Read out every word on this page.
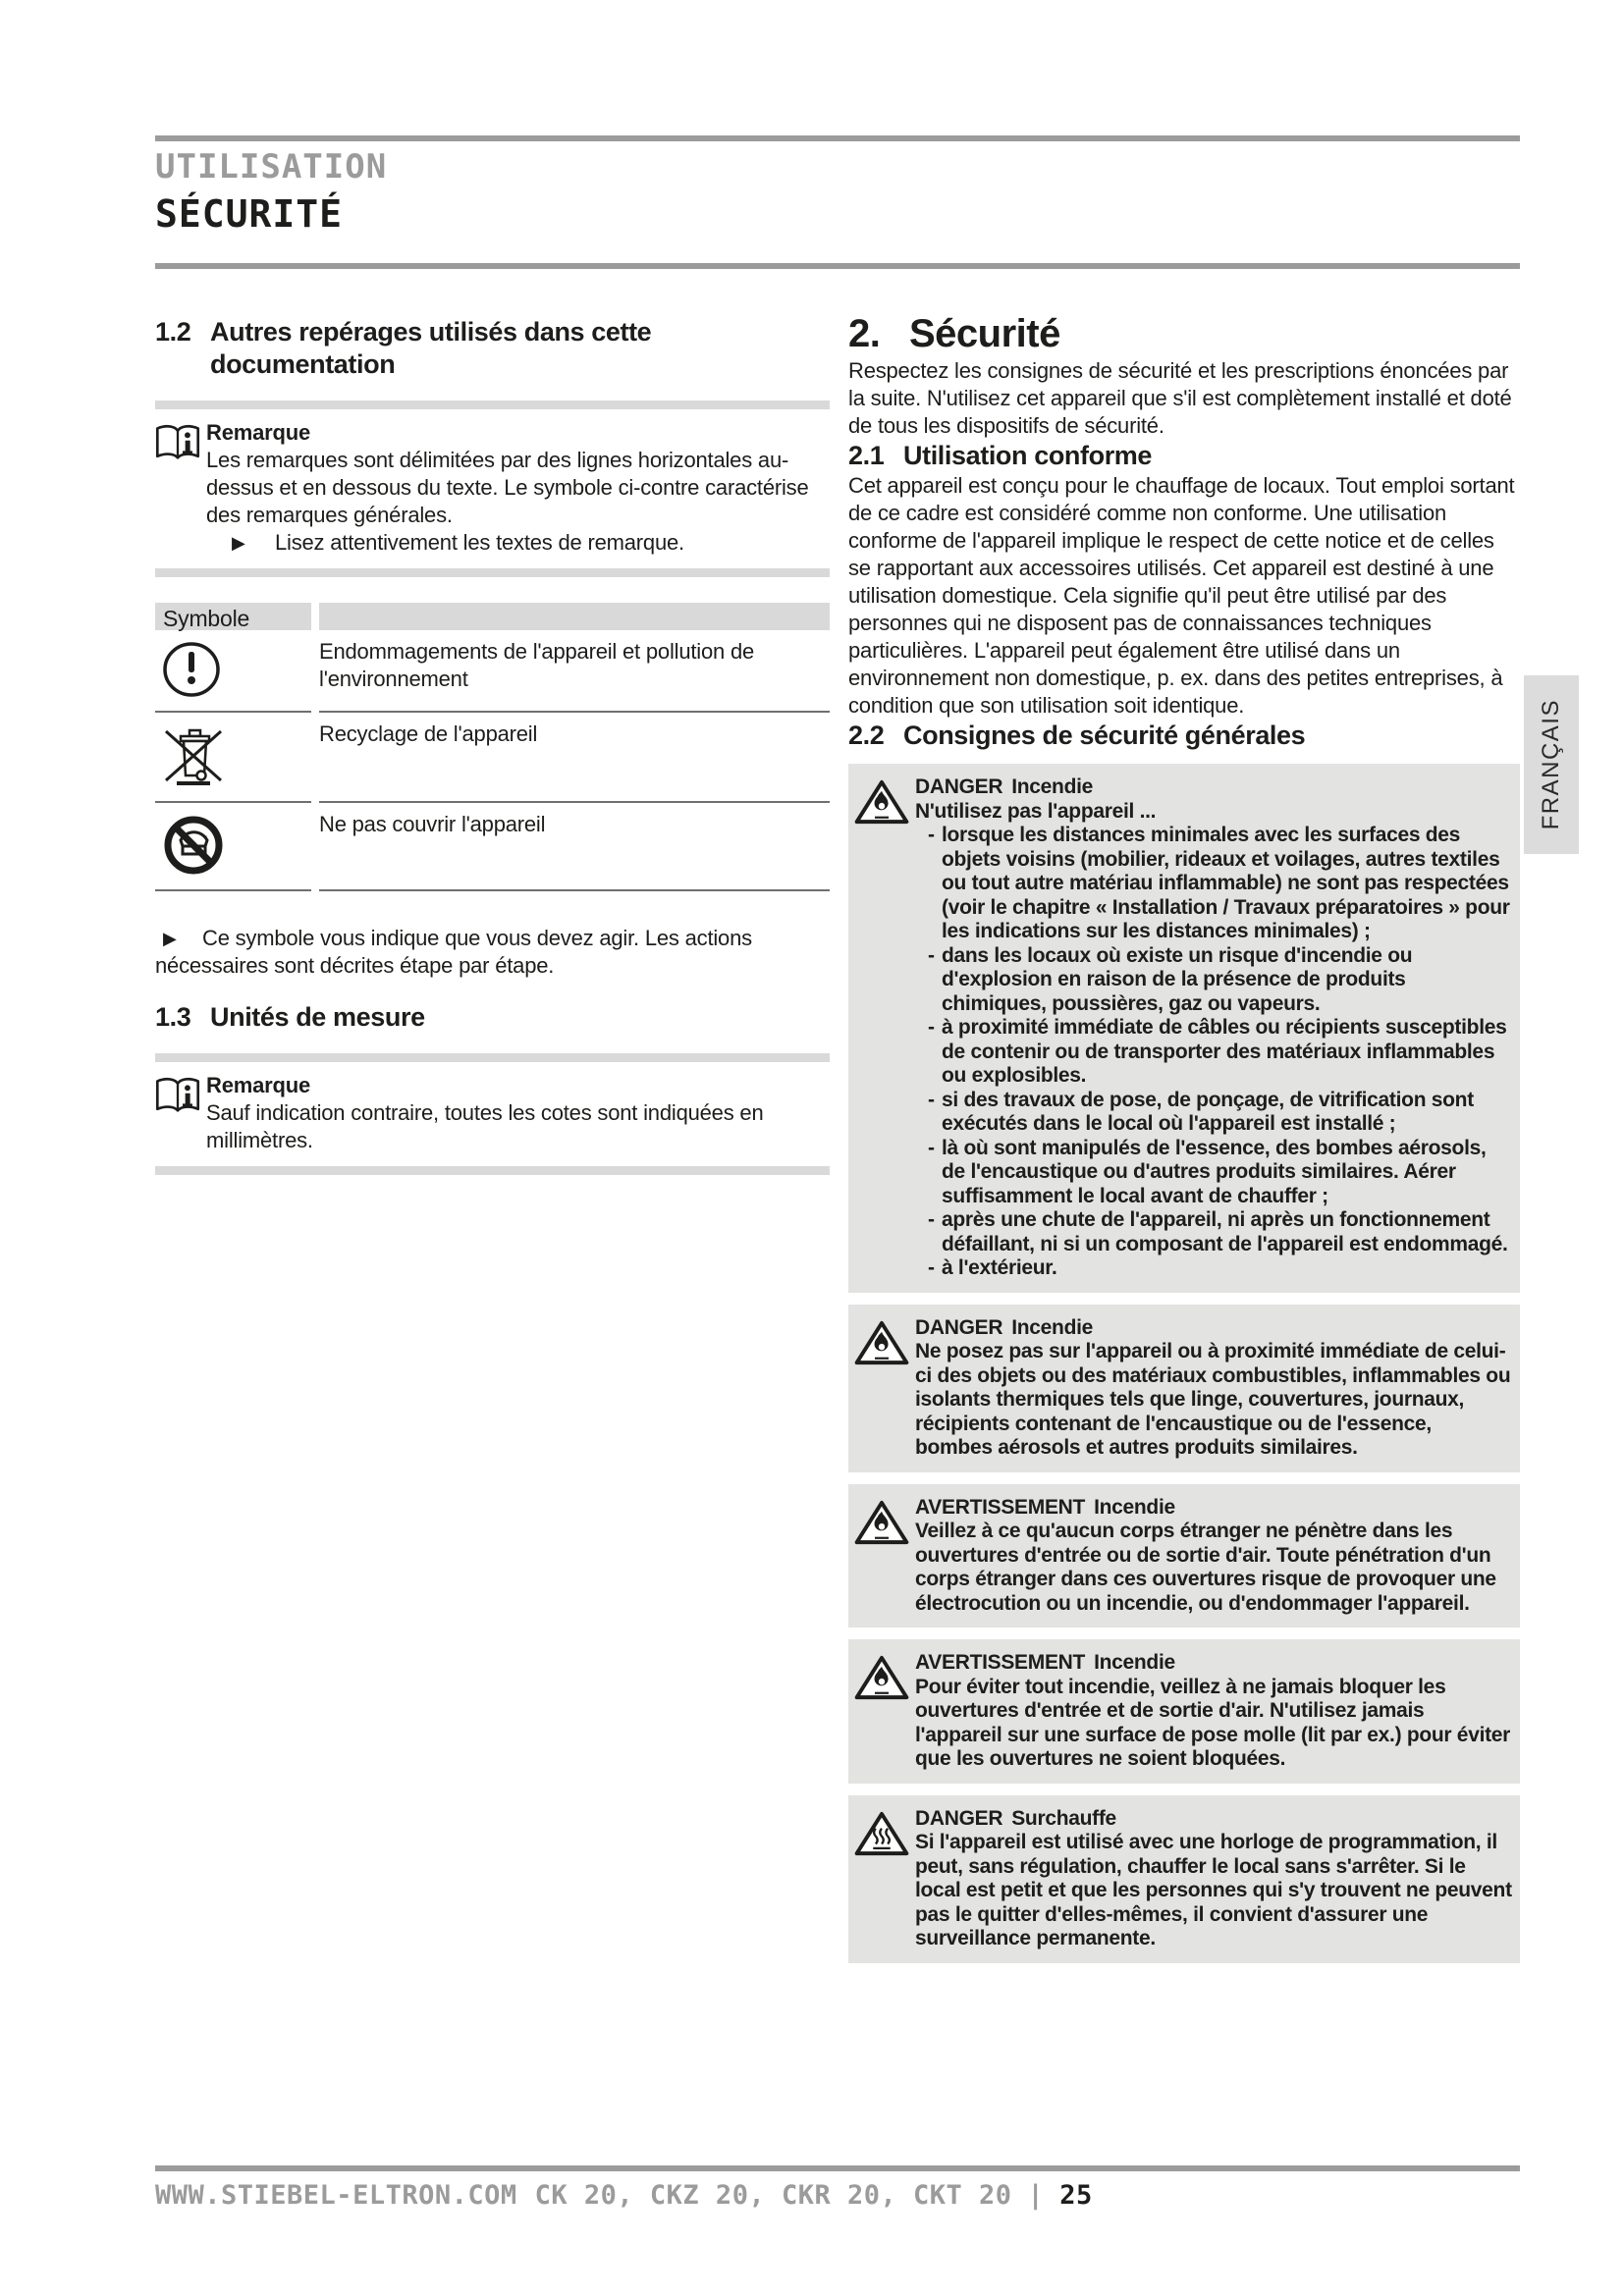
UTILISATION
SÉCURITÉ
1.2 Autres repérages utilisés dans cette documentation

Remarque

Les remarques sont délimitées par des lignes horizontales au-dessus et en dessous du texte. Le symbole ci-contre caractérise des remarques générales.

▶ Lisez attentivement les textes de remarque.

Symbole
Endommagements de l'appareil et pollution de l'environnement
Recyclage de l'appareil
Ne pas couvrir l'appareil

▶ Ce symbole vous indique que vous devez agir. Les actions nécessaires sont décrites étape par étape.

1.3 Unités de mesure

Remarque

Sauf indication contraire, toutes les cotes sont indiquées en millimètres.

2. Sécurité

Respectez les consignes de sécurité et les prescriptions énoncées par la suite. N'utilisez cet appareil que s'il est complètement installé et doté de tous les dispositifs de sécurité.

2.1 Utilisation conforme

Cet appareil est conçu pour le chauffage de locaux. Tout emploi sortant de ce cadre est considéré comme non conforme. Une utilisation conforme de l'appareil implique le respect de cette notice et de celles se rapportant aux accessoires utilisés. Cet appareil est destiné à une utilisation domestique. Cela signifie qu'il peut être utilisé par des personnes qui ne disposent pas de connaissances techniques particulières. L'appareil peut également être utilisé dans un environnement non domestique, p. ex. dans des petites entreprises, à condition que son utilisation soit identique.

2.2 Consignes de sécurité générales

DANGER Incendie

N'utilisez pas l'appareil ...

- lorsque les distances minimales avec les surfaces des objets voisins (mobilier, rideaux et voilages, autres textiles ou tout autre matériau inflammable) ne sont pas respectées (voir le chapitre « Installation / Travaux préparatoires » pour les indications sur les distances minimales) ;
- dans les locaux où existe un risque d'incendie ou d'explosion en raison de la présence de produits chimiques, poussières, gaz ou vapeurs.
- à proximité immédiate de câbles ou récipients susceptibles de contenir ou de transporter des matériaux inflammables ou explosibles.
- si des travaux de pose, de ponçage, de vitrification sont exécutés dans le local où l'appareil est installé ;
- là où sont manipulés de l'essence, des bombes aérosols, de l'encaustique ou d'autres produits similaires. Aérer suffisamment le local avant de chauffer ;
- après une chute de l'appareil, ni après un fonctionnement défaillant, ni si un composant de l'appareil est endommagé.
- à l'extérieur.

DANGER Incendie

Ne posez pas sur l'appareil ou à proximité immédiate de celui-ci des objets ou des matériaux combustibles, inflammables ou isolants thermiques tels que linge, couvertures, journaux, récipients contenant de l'encaustique ou de l'essence, bombes aérosols et autres produits similaires.

AVERTISSEMENT Incendie

Veillez à ce qu'aucun corps étranger ne pénètre dans les ouvertures d'entrée ou de sortie d'air. Toute pénétration d'un corps étranger dans ces ouvertures risque de provoquer une électrocution ou un incendie, ou d'endommager l'appareil.

AVERTISSEMENT Incendie

Pour éviter tout incendie, veillez à ne jamais bloquer les ouvertures d'entrée et de sortie d'air. N'utilisez jamais l'appareil sur une surface de pose molle (lit par ex.) pour éviter que les ouvertures ne soient bloquées.

DANGER Surchauffe

Si l'appareil est utilisé avec une horloge de programmation, il peut, sans régulation, chauffer le local sans s'arrêter. Si le local est petit et que les personnes qui s'y trouvent ne peuvent pas le quitter d'elles-mêmes, il convient d'assurer une surveillance permanente.

FRANÇAIS
WWW.STIEBEL-ELTRON.COM CK 20, CKZ 20, CKR 20, CKT 20 | 25
